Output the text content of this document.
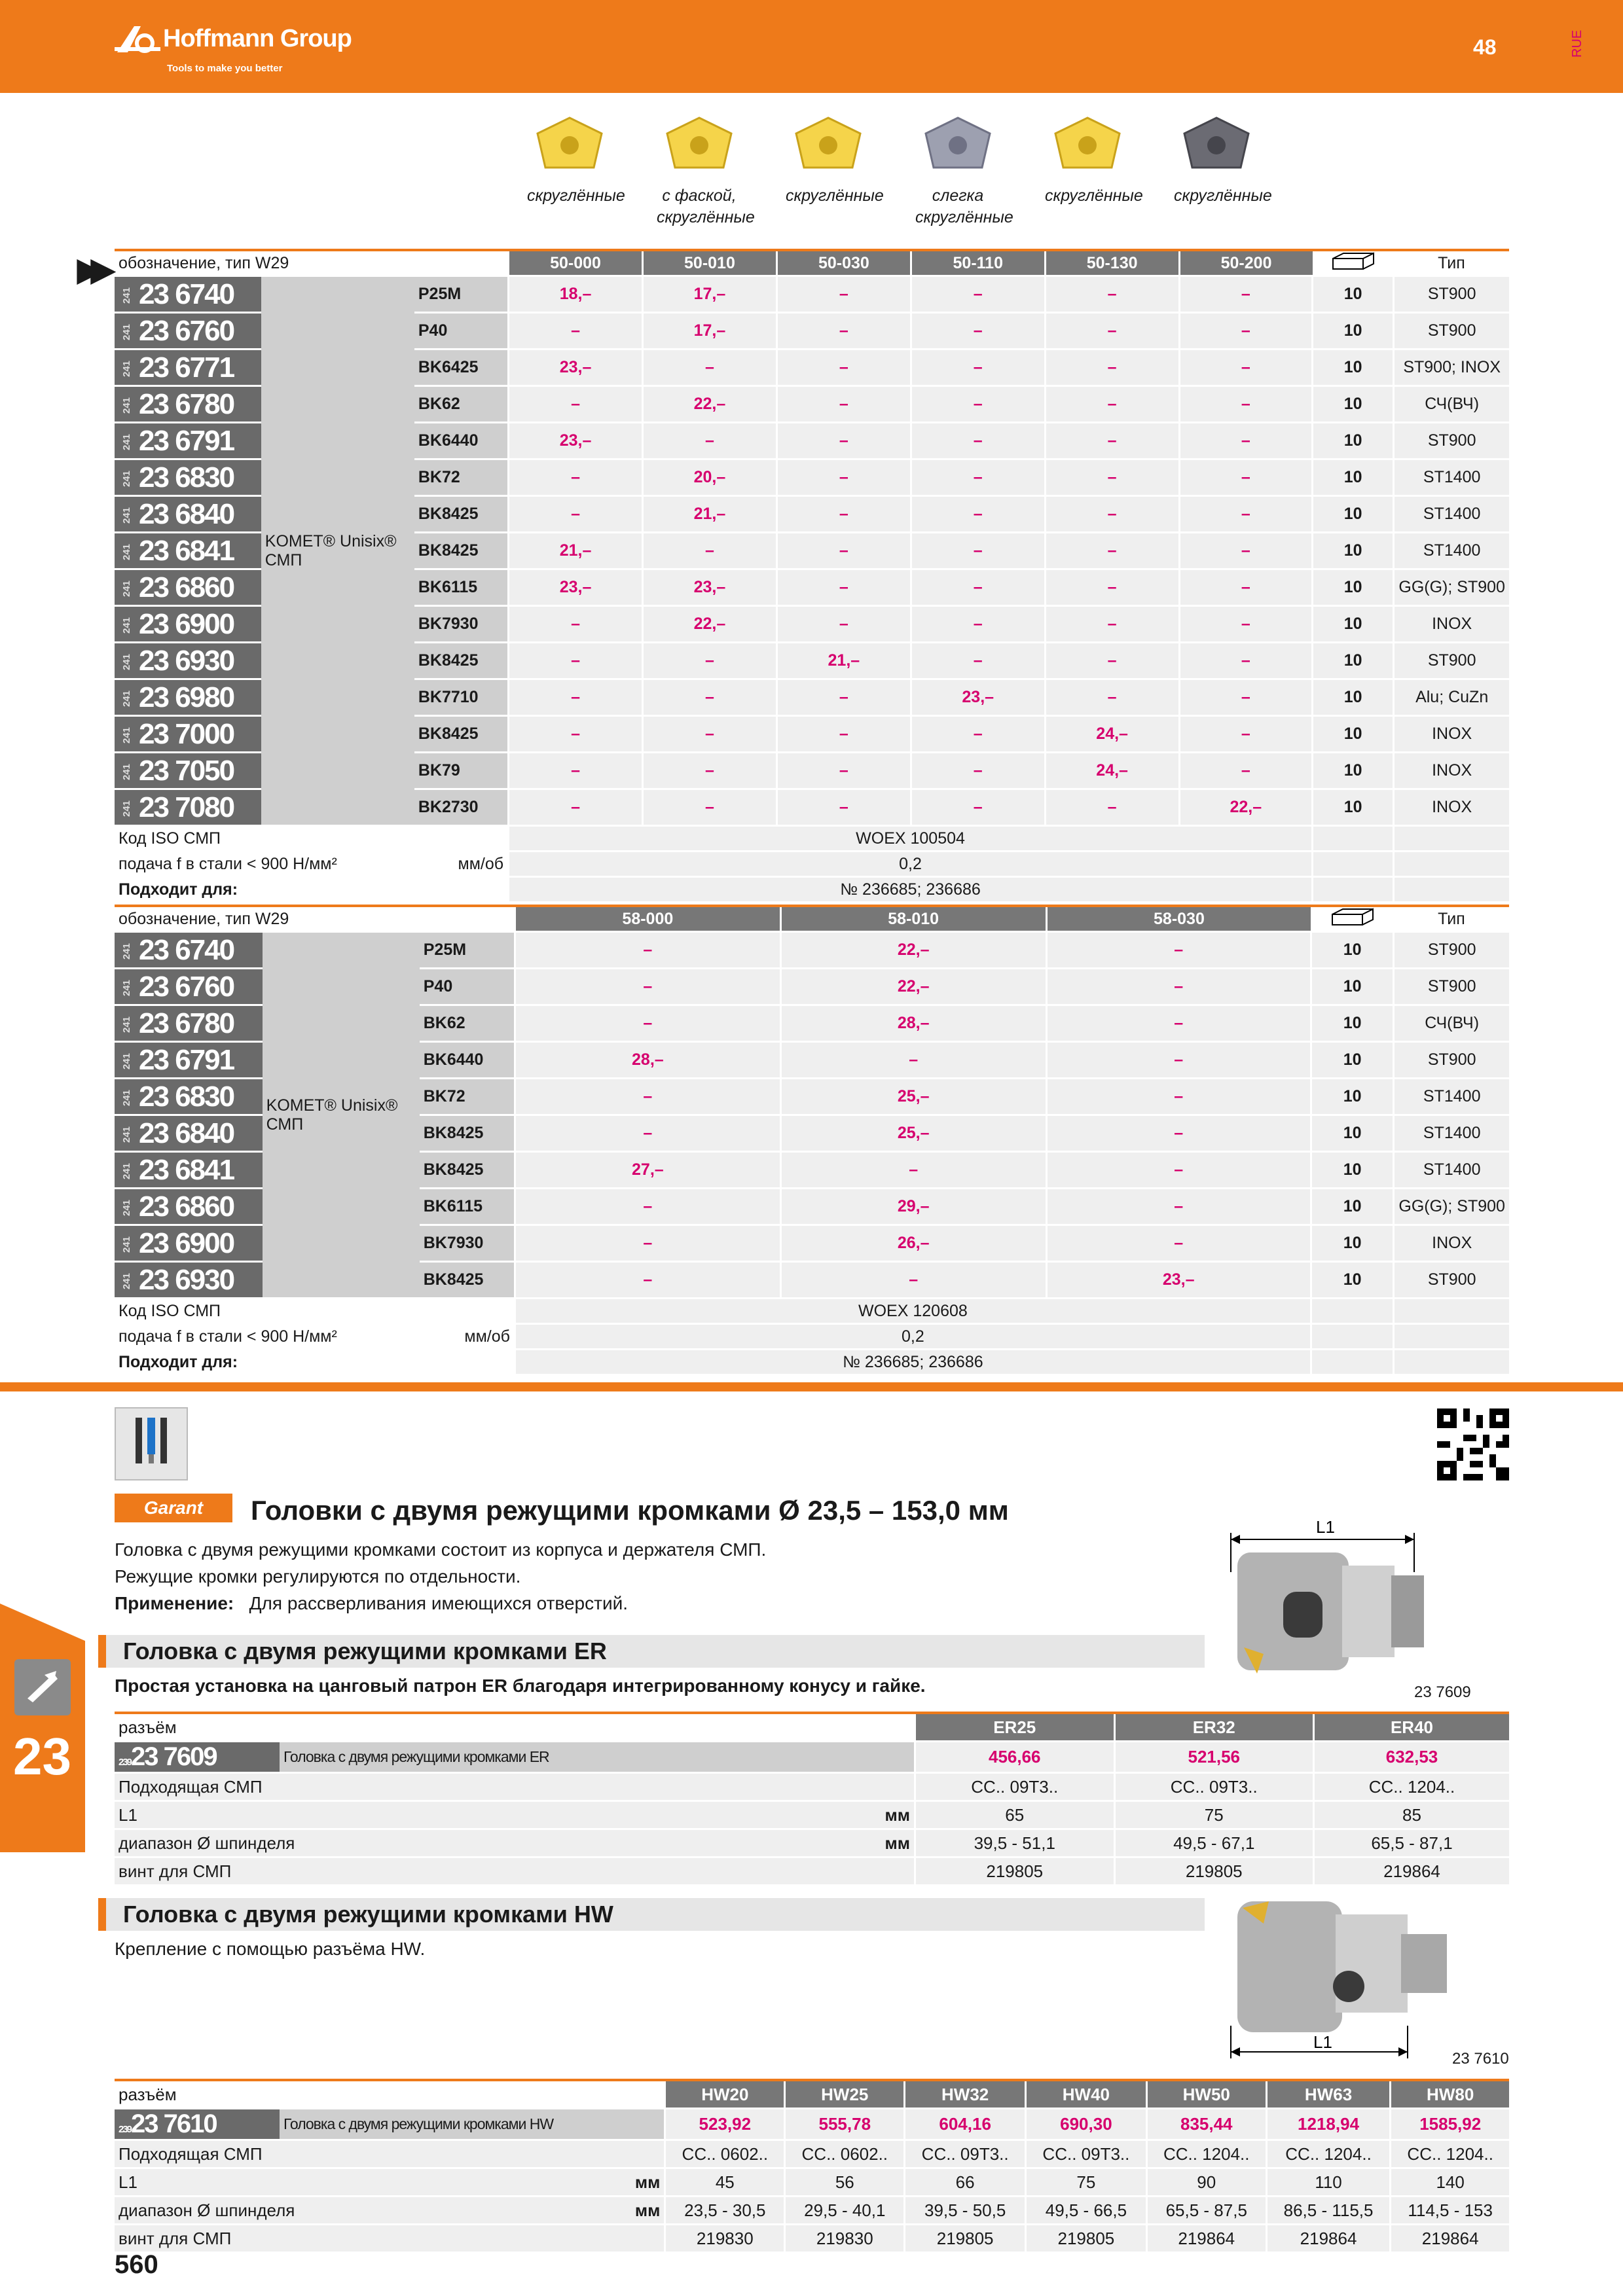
Hoffmann Group
Tools to make you better
48	RUE
скруглённые	с фаской, скруглённые
скруглённые	слегка скруглённые
скруглённые скруглённые
▶▶ обозначение, тип W29			50-000	50-010	50-030	50-110	50-130	50-200		Тип
241 23 6740	KOMET® Unisix® СМП	P25M	18,–	17,–	–	–	–	–	10	ST900
241 23 6760		P40	–	17,–	–	–	–	–	10	ST900
241 23 6771		BK6425	23,–	–	–	–	–	–	10	ST900; INOX
241 23 6780		BK62	–	22,–	–	–	–	–	10	СЧ(ВЧ)
241 23 6791		BK6440	23,–	–	–	–	–	–	10	ST900
241 23 6830		BK72	–	20,–	–	–	–	–	10	ST1400
241 23 6840		BK8425	–	21,–	–	–	–	–	10	ST1400
241 23 6841		BK8425	21,–	–	–	–	–	–	10	ST1400
241 23 6860		BK6115	23,–	23,–	–	–	–	–	10	GG(G); ST900
241 23 6900		BK7930	–	22,–	–	–	–	–	10	INOX
241 23 6930		BK8425	–	–	21,–	–	–	–	10	ST900
241 23 6980		BK7710	–	–	–	23,–	–	–	10	Alu; CuZn
241 23 7000		BK8425	–	–	–	–	24,–	–	10	INOX
241 23 7050		BK79	–	–	–	–	24,–	–	10	INOX
241 23 7080		BK2730	–	–	–	–	–	22,–	10	INOX
Код ISO СМП			WOEX 100504							
подача f в стали < 900 Н/мм² мм/об			0,2							
Подходит для:			№ 236685; 236686							
обозначение, тип W29			58-000	58-010	58-030		Тип
241 23 6740	KOMET® Unisix® СМП	P25M	–	22,–	–	10	ST900
241 23 6760		P40	–	22,–	–	10	ST900
241 23 6780		BK62	–	28,–	–	10	СЧ(ВЧ)
241 23 6791		BK6440	28,–	–	–	10	ST900
241 23 6830		BK72	–	25,–	–	10	ST1400
241 23 6840		BK8425	–	25,–	–	10	ST1400
241 23 6841		BK8425	27,–	–	–	10	ST1400
241 23 6860		BK6115	–	29,–	–	10	GG(G); ST900
241 23 6900		BK7930	–	26,–	–	10	INOX
241 23 6930		BK8425	–	–	23,–	10	ST900
Код ISO СМП			WOEX 120608				
подача f в стали < 900 Н/мм² мм/об			0,2				
Подходит для:			№ 236685; 236686				
Garant	Головки с двумя режущими кромками Ø 23,5 – 153,0 мм
Головка с двумя режущими кромками состоит из корпуса и держателя СМП.
Режущие кромки регулируются по отдельности.
Применение: Для рассверливания имеющихся отверстий.
23
L1
23 7609
Головка с двумя режущими кромками ER
Простая установка на цанговый патрон ER благодаря интегрированному конусу и гайке.
разъём		ER25	ER32	ER40
23923 7609	Головка с двумя режущими кромками ER	456,66	521,56	632,53
Подходящая СМП		CC.. 09T3..	CC.. 09T3..	CC.. 1204..
L1 мм		65	75	85
диапазон Ø шпинделя мм		39,5 - 51,1	49,5 - 67,1	65,5 - 87,1
винт для СМП		219805	219805	219864
Головка с двумя режущими кромками HW
Крепление с помощью разъёма HW.
L1
23 7610
разъём		HW20	HW25	HW32	HW40	HW50	HW63	HW80
23923 7610	Головка с двумя режущими кромками HW	523,92	555,78	604,16	690,30	835,44	1218,94	1585,92
Подходящая СМП		CC.. 0602..	CC.. 0602..	CC.. 09T3..	CC.. 09T3..	CC.. 1204..	CC.. 1204..	CC.. 1204..
L1 мм		45	56	66	75	90	110	140
диапазон Ø шпинделя мм		23,5 - 30,5	29,5 - 40,1	39,5 - 50,5	49,5 - 66,5	65,5 - 87,5	86,5 - 115,5	114,5 - 153
винт для СМП		219830	219830	219805	219805	219864	219864	219864
560
